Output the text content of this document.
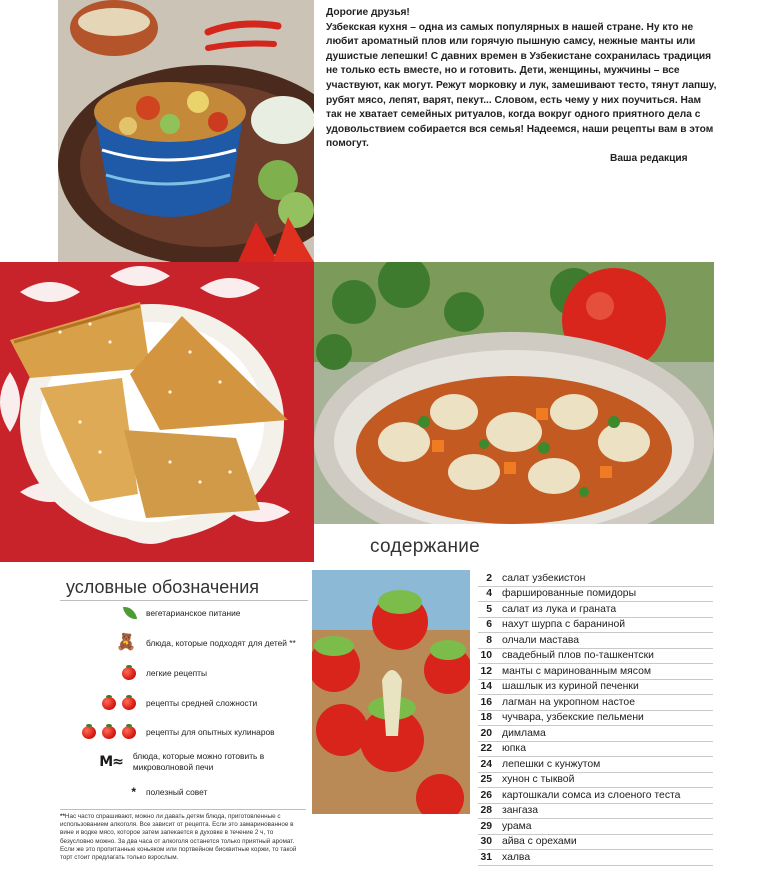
Дорогие друзья!

Узбекская кухня – одна из самых популярных в нашей стране. Ну кто не любит ароматный плов или горячую пышную самсу, нежные манты или душистые лепешки! С давних времен в Узбекистане сохранилась традиция не только есть вместе, но и готовить. Дети, женщины, мужчины – все участвуют, как могут. Режут морковку и лук, замешивают тесто, тянут лапшу, рубят мясо, лепят, варят, пекут... Словом, есть чему у них поучиться. Нам так не хватает семейных ритуалов, когда вокруг одного приятного дела с удовольствием собирается вся семья! Надеемся, наши рецепты вам в этом помогут.

Ваша редакция
содержание
2 салат узбекистон
4 фаршированные помидоры
5 салат из лука и граната
6 нахут шурпа с бараниной
8 олчали мастава
10 свадебный плов по-ташкентски
12 манты с маринованным мясом
14 шашлык из куриной печенки
16 лагман на укропном настое
18 чучвара, узбекские пельмени
20 димлама
22 юпка
24 лепешки с кунжутом
25 хунон с тыквой
26 картошкали сомса из слоеного теста
28 зангаза
29 урама
30 айва с орехами
31 халва
условные обозначения
вегетарианское питание
🧸 блюда, которые подходят для детей **
легкие рецепты
рецепты средней сложности
рецепты для опытных кулинаров
M≈ блюда, которые можно готовить в микроволновой печи
* полезный совет

**Нас часто спрашивают, можно ли давать детям блюда, приготовленные с использованием алкоголя. Все зависит от рецепта. Если это замаринованное в вине и водке мясо, которое затем запекается в духовке в течение 2 ч, то безусловно можно. За два часа от алкоголя останется только приятный аромат. Если же это пропитанные коньяком или портвейном бисквитные коржи, то такой торт стоит предлагать только взрослым.
